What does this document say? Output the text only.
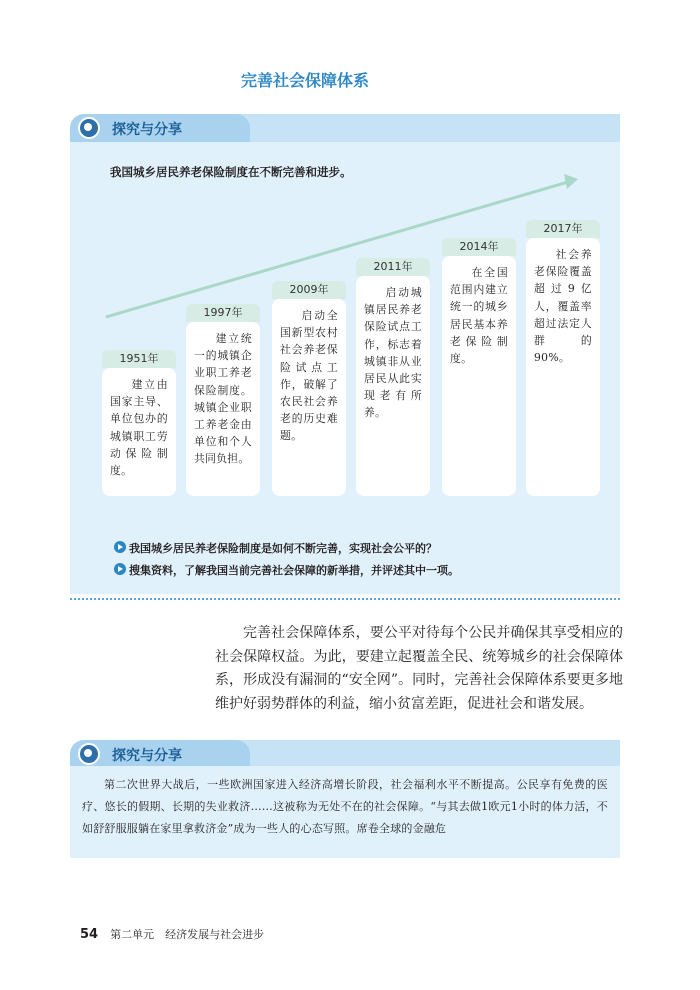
完善社会保障体系
探究与分享
我国城乡居民养老保险制度在不断完善和进步。
1951年
建立由国家主导、单位包办的城镇职工劳动保险制度。
1997年
建立统一的城镇企业职工养老保险制度。城镇企业职工养老金由单位和个人共同负担。
2009年
启动全国新型农村社会养老保险试点工作，破解了农民社会养老的历史难题。
2011年
启动城镇居民养老保险试点工作，标志着城镇非从业居民从此实现老有所养。
2014年
在全国范围内建立统一的城乡居民基本养老保险制度。
2017年
社会养老保险覆盖超过9亿人，覆盖率超过法定人群的90%。
我国城乡居民养老保险制度是如何不断完善，实现社会公平的？
搜集资料，了解我国当前完善社会保障的新举措，并评述其中一项。
完善社会保障体系，要公平对待每个公民并确保其享受相应的社会保障权益。为此，要建立起覆盖全民、统筹城乡的社会保障体系，形成没有漏洞的“安全网”。同时，完善社会保障体系要更多地维护好弱势群体的利益，缩小贫富差距，促进社会和谐发展。
探究与分享
第二次世界大战后，一些欧洲国家进入经济高增长阶段，社会福利水平不断提高。公民享有免费的医疗、悠长的假期、长期的失业救济……这被称为无处不在的社会保障。“与其去做1欧元1小时的体力活，不如舒舒服服躺在家里拿救济金”成为一些人的心态写照。席卷全球的金融危
54 第二单元　经济发展与社会进步
